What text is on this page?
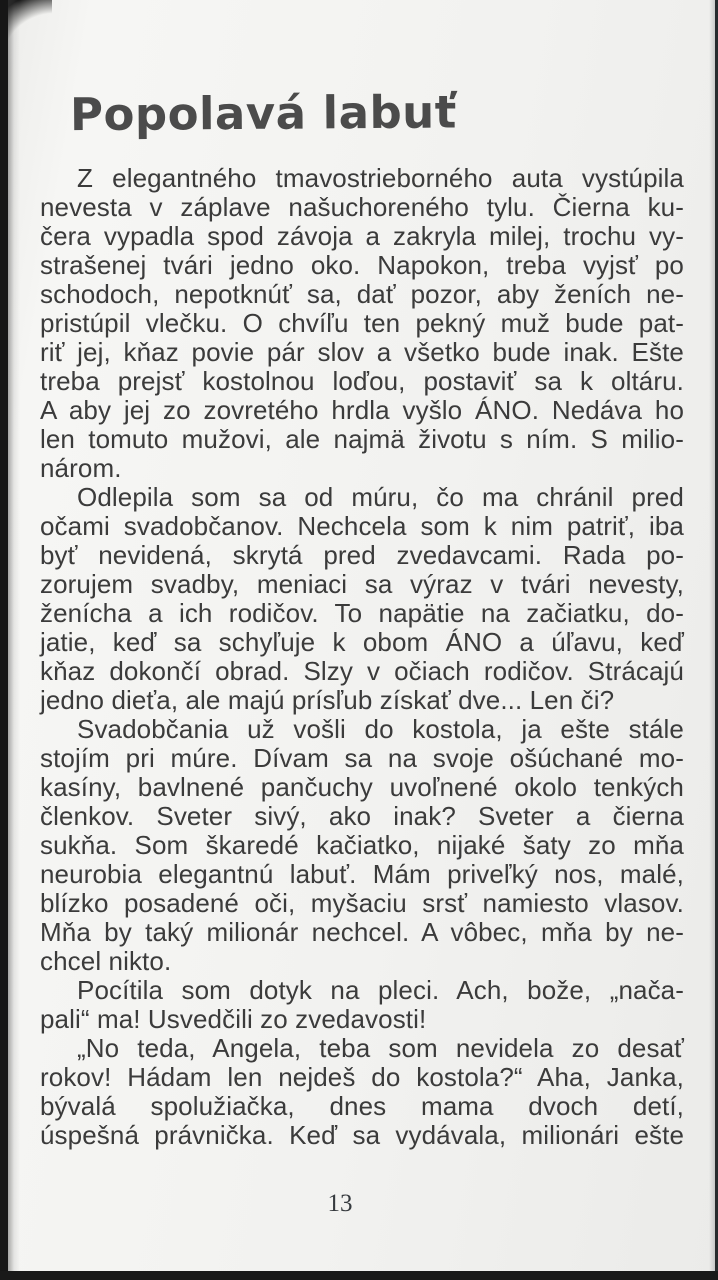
Popolavá labuť

Z elegantného tmavostrieborného auta vystúpila
nevesta v záplave našuchoreného tylu. Čierna ku-
čera vypadla spod závoja a zakryla milej, trochu vy-
strašenej tvári jedno oko. Napokon, treba vyjsť po
schodoch, nepotknúť sa, dať pozor, aby ženích ne-
pristúpil vlečku. O chvíľu ten pekný muž bude pat-
riť jej, kňaz povie pár slov a všetko bude inak. Ešte
treba prejsť kostolnou loďou, postaviť sa k oltáru.
A aby jej zo zovretého hrdla vyšlo ÁNO. Nedáva ho
len tomuto mužovi, ale najmä životu s ním. S milio-
nárom.

Odlepila som sa od múru, čo ma chránil pred
očami svadobčanov. Nechcela som k nim patriť, iba
byť nevidená, skrytá pred zvedavcami. Rada po-
zorujem svadby, meniaci sa výraz v tvári nevesty,
ženícha a ich rodičov. To napätie na začiatku, do-
jatie, keď sa schyľuje k obom ÁNO a úľavu, keď
kňaz dokončí obrad. Slzy v očiach rodičov. Strácajú
jedno dieťa, ale majú prísľub získať dve... Len či?

Svadobčania už vošli do kostola, ja ešte stále
stojím pri múre. Dívam sa na svoje ošúchané mo-
kasíny, bavlnené pančuchy uvoľnené okolo tenkých
členkov. Sveter sivý, ako inak? Sveter a čierna
sukňa. Som škaredé kačiatko, nijaké šaty zo mňa
neurobia elegantnú labuť. Mám priveľký nos, malé,
blízko posadené oči, myšaciu srsť namiesto vlasov.
Mňa by taký milionár nechcel. A vôbec, mňa by ne-
chcel nikto.

Pocítila som dotyk na pleci. Ach, bože, „nača-
pali“ ma! Usvedčili zo zvedavosti!

„No teda, Angela, teba som nevidela zo desať
rokov! Hádam len nejdeš do kostola?“ Aha, Janka,
bývalá spolužiačka, dnes mama dvoch detí,
úspešná právnička. Keď sa vydávala, milionári ešte

13
